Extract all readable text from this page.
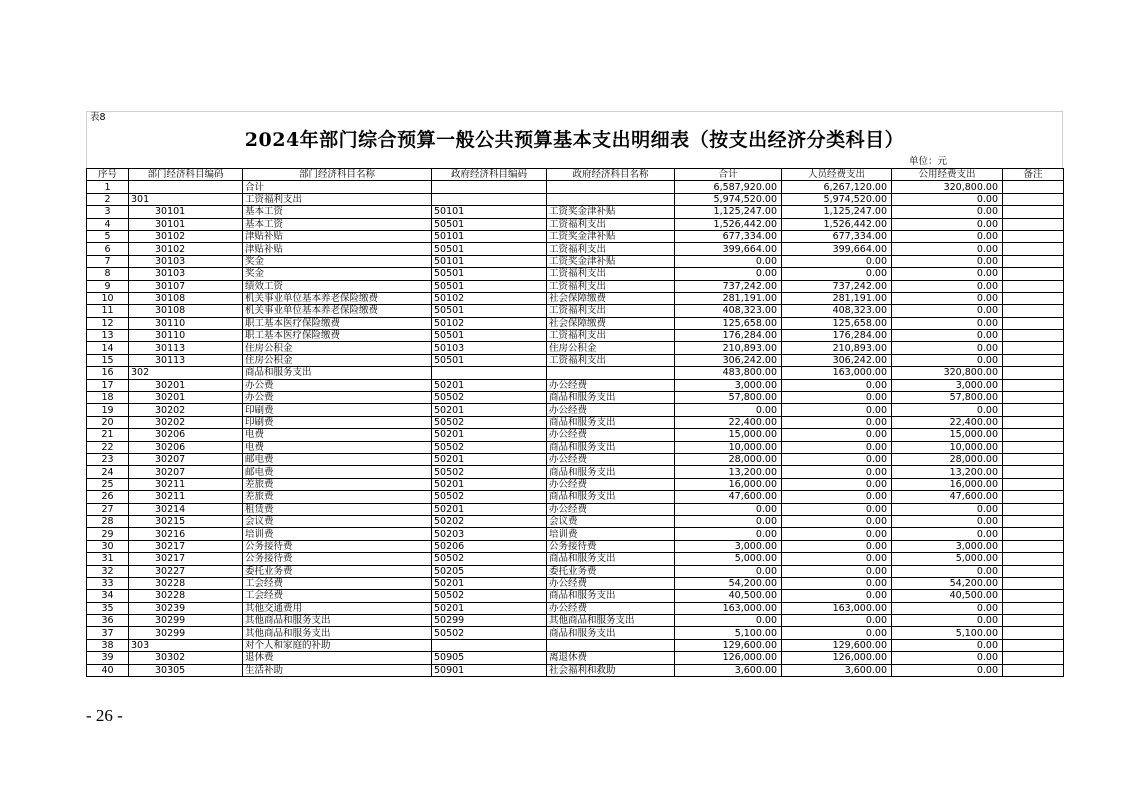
表8
2024年部门综合预算一般公共预算基本支出明细表（按支出经济分类科目）
单位：元
序号	部门经济科目编码	部门经济科目名称	政府经济科目编码	政府经济科目名称	合计	人员经费支出	公用经费支出	备注
1		合计			6,587,920.00	6,267,120.00	320,800.00	
2	301	工资福利支出			5,974,520.00	5,974,520.00	0.00	
3	30101	基本工资	50101	工资奖金津补贴	1,125,247.00	1,125,247.00	0.00	
4	30101	基本工资	50501	工资福利支出	1,526,442.00	1,526,442.00	0.00	
5	30102	津贴补贴	50101	工资奖金津补贴	677,334.00	677,334.00	0.00	
6	30102	津贴补贴	50501	工资福利支出	399,664.00	399,664.00	0.00	
7	30103	奖金	50101	工资奖金津补贴	0.00	0.00	0.00	
8	30103	奖金	50501	工资福利支出	0.00	0.00	0.00	
9	30107	绩效工资	50501	工资福利支出	737,242.00	737,242.00	0.00	
10	30108	机关事业单位基本养老保险缴费	50102	社会保障缴费	281,191.00	281,191.00	0.00	
11	30108	机关事业单位基本养老保险缴费	50501	工资福利支出	408,323.00	408,323.00	0.00	
12	30110	职工基本医疗保险缴费	50102	社会保障缴费	125,658.00	125,658.00	0.00	
13	30110	职工基本医疗保险缴费	50501	工资福利支出	176,284.00	176,284.00	0.00	
14	30113	住房公积金	50103	住房公积金	210,893.00	210,893.00	0.00	
15	30113	住房公积金	50501	工资福利支出	306,242.00	306,242.00	0.00	
16	302	商品和服务支出			483,800.00	163,000.00	320,800.00	
17	30201	办公费	50201	办公经费	3,000.00	0.00	3,000.00	
18	30201	办公费	50502	商品和服务支出	57,800.00	0.00	57,800.00	
19	30202	印刷费	50201	办公经费	0.00	0.00	0.00	
20	30202	印刷费	50502	商品和服务支出	22,400.00	0.00	22,400.00	
21	30206	电费	50201	办公经费	15,000.00	0.00	15,000.00	
22	30206	电费	50502	商品和服务支出	10,000.00	0.00	10,000.00	
23	30207	邮电费	50201	办公经费	28,000.00	0.00	28,000.00	
24	30207	邮电费	50502	商品和服务支出	13,200.00	0.00	13,200.00	
25	30211	差旅费	50201	办公经费	16,000.00	0.00	16,000.00	
26	30211	差旅费	50502	商品和服务支出	47,600.00	0.00	47,600.00	
27	30214	租赁费	50201	办公经费	0.00	0.00	0.00	
28	30215	会议费	50202	会议费	0.00	0.00	0.00	
29	30216	培训费	50203	培训费	0.00	0.00	0.00	
30	30217	公务接待费	50206	公务接待费	3,000.00	0.00	3,000.00	
31	30217	公务接待费	50502	商品和服务支出	5,000.00	0.00	5,000.00	
32	30227	委托业务费	50205	委托业务费	0.00	0.00	0.00	
33	30228	工会经费	50201	办公经费	54,200.00	0.00	54,200.00	
34	30228	工会经费	50502	商品和服务支出	40,500.00	0.00	40,500.00	
35	30239	其他交通费用	50201	办公经费	163,000.00	163,000.00	0.00	
36	30299	其他商品和服务支出	50299	其他商品和服务支出	0.00	0.00	0.00	
37	30299	其他商品和服务支出	50502	商品和服务支出	5,100.00	0.00	5,100.00	
38	303	对个人和家庭的补助			129,600.00	129,600.00	0.00	
39	30302	退休费	50905	离退休费	126,000.00	126,000.00	0.00	
40	30305	生活补助	50901	社会福利和救助	3,600.00	3,600.00	0.00	
- 26 -
